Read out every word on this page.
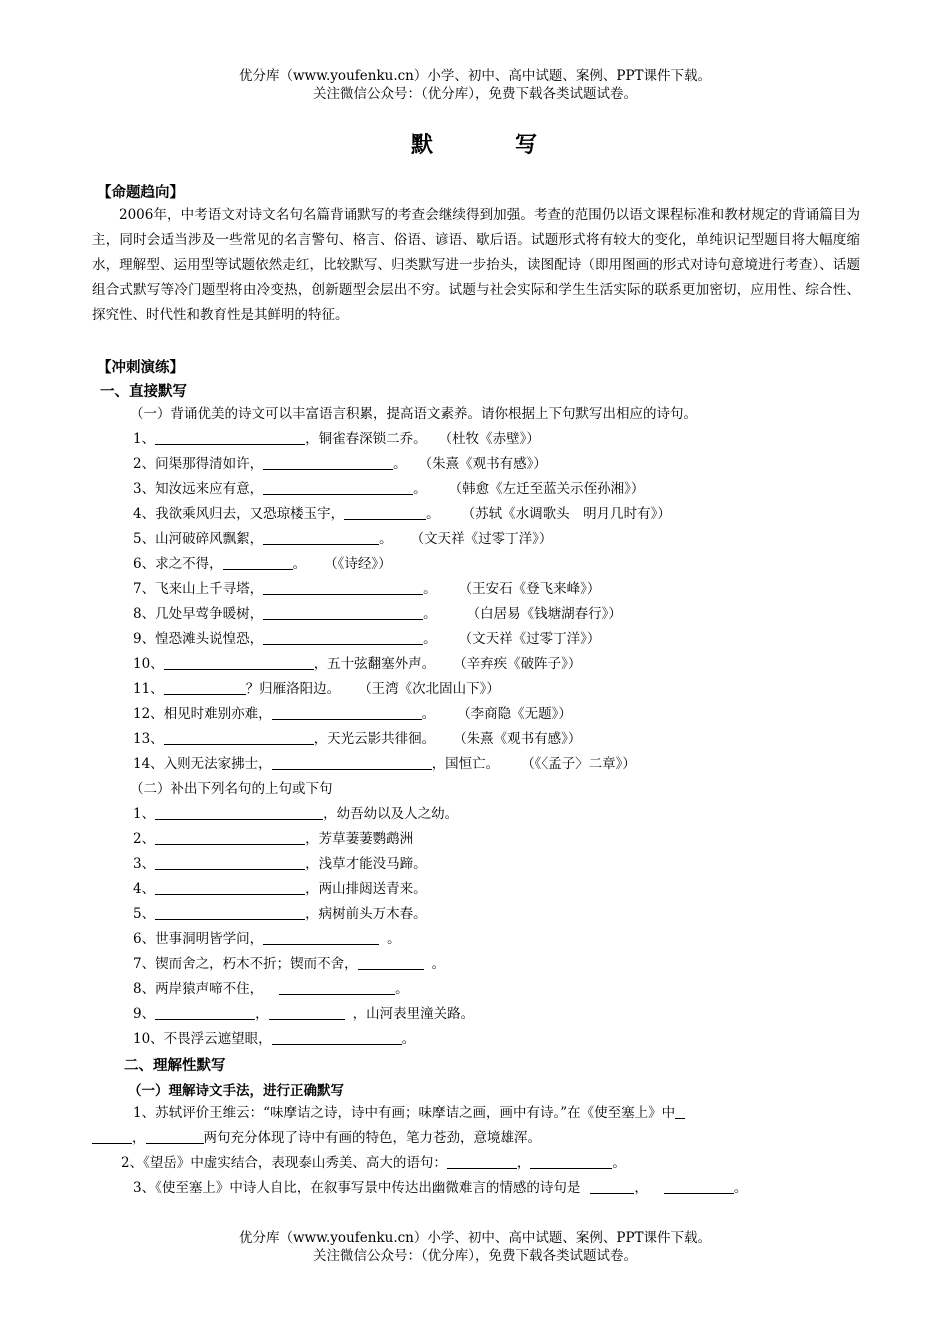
优分库（www.youfenku.cn）小学、初中、高中试题、案例、PPT课件下载。
关注微信公众号：（优分库），免费下载各类试题试卷。
默	写
【命题趋向】
2006年，中考语文对诗文名句名篇背诵默写的考查会继续得到加强。考查的范围仍以语文课程标准和教材规定的背诵篇目为主，同时会适当涉及一些常见的名言警句、格言、俗语、谚语、歇后语。试题形式将有较大的变化，单纯识记型题目将大幅度缩水，理解型、运用型等试题依然走红，比较默写、归类默写进一步抬头，读图配诗（即用图画的形式对诗句意境进行考查）、话题组合式默写等冷门题型将由冷变热，创新题型会层出不穷。试题与社会实际和学生生活实际的联系更加密切，应用性、综合性、探究性、时代性和教育性是其鲜明的特征。
【冲刺演练】
一、直接默写
（一）背诵优美的诗文可以丰富语言积累，提高语文素养。请你根据上下句默写出相应的诗句。
1、	，铜雀春深锁二乔。 （杜牧《赤壁》）
2、问渠那得清如许，	。 （朱熹《观书有感》）
3、知汝远来应有意，	。 （韩愈《左迁至蓝关示侄孙湘》）
4、我欲乘风归去，又恐琼楼玉宇，	。 （苏轼《水调歌头　明月几时有》）
5、山河破碎风飘絮，	。 （文天祥《过零丁洋》）
6、求之不得，	。 （《诗经》）
7、飞来山上千寻塔，	。 （王安石《登飞来峰》）
8、几处早莺争暖树，	。 （白居易《钱塘湖春行》）
9、惶恐滩头说惶恐，	。 （文天祥《过零丁洋》）
10、	，五十弦翻塞外声。 （辛弃疾《破阵子》）
11、	？归雁洛阳边。 （王湾《次北固山下》）
12、相见时难别亦难，	。 （李商隐《无题》）
13、	，天光云影共徘徊。 （朱熹《观书有感》）
14、入则无法家拂士，	，国恒亡。 （《〈孟子〉二章》）
（二）补出下列名句的上句或下句
1、	，幼吾幼以及人之幼。
2、	，芳草萋萋鹦鹉洲
3、	，浅草才能没马蹄。
4、	，两山排闼送青来。
5、	，病树前头万木春。
6、世事洞明皆学问，	。
7、锲而舍之，朽木不折；锲而不舍，	。
8、两岸猿声啼不住，	。
9、	，	，山河表里潼关路。
10、不畏浮云遮望眼，	。
二、理解性默写
（一）理解诗文手法，进行正确默写
1、苏轼评价王维云：“味摩诘之诗，诗中有画；味摩诘之画，画中有诗。”在《使至塞上》中
，	两句充分体现了诗中有画的特色，笔力苍劲，意境雄浑。
2、《望岳》中虚实结合，表现泰山秀美、高大的语句：	，	。
3、《使至塞上》中诗人自比，在叙事写景中传达出幽微难言的情感的诗句是	，	。
优分库（www.youfenku.cn）小学、初中、高中试题、案例、PPT课件下载。
关注微信公众号：（优分库），免费下载各类试题试卷。
